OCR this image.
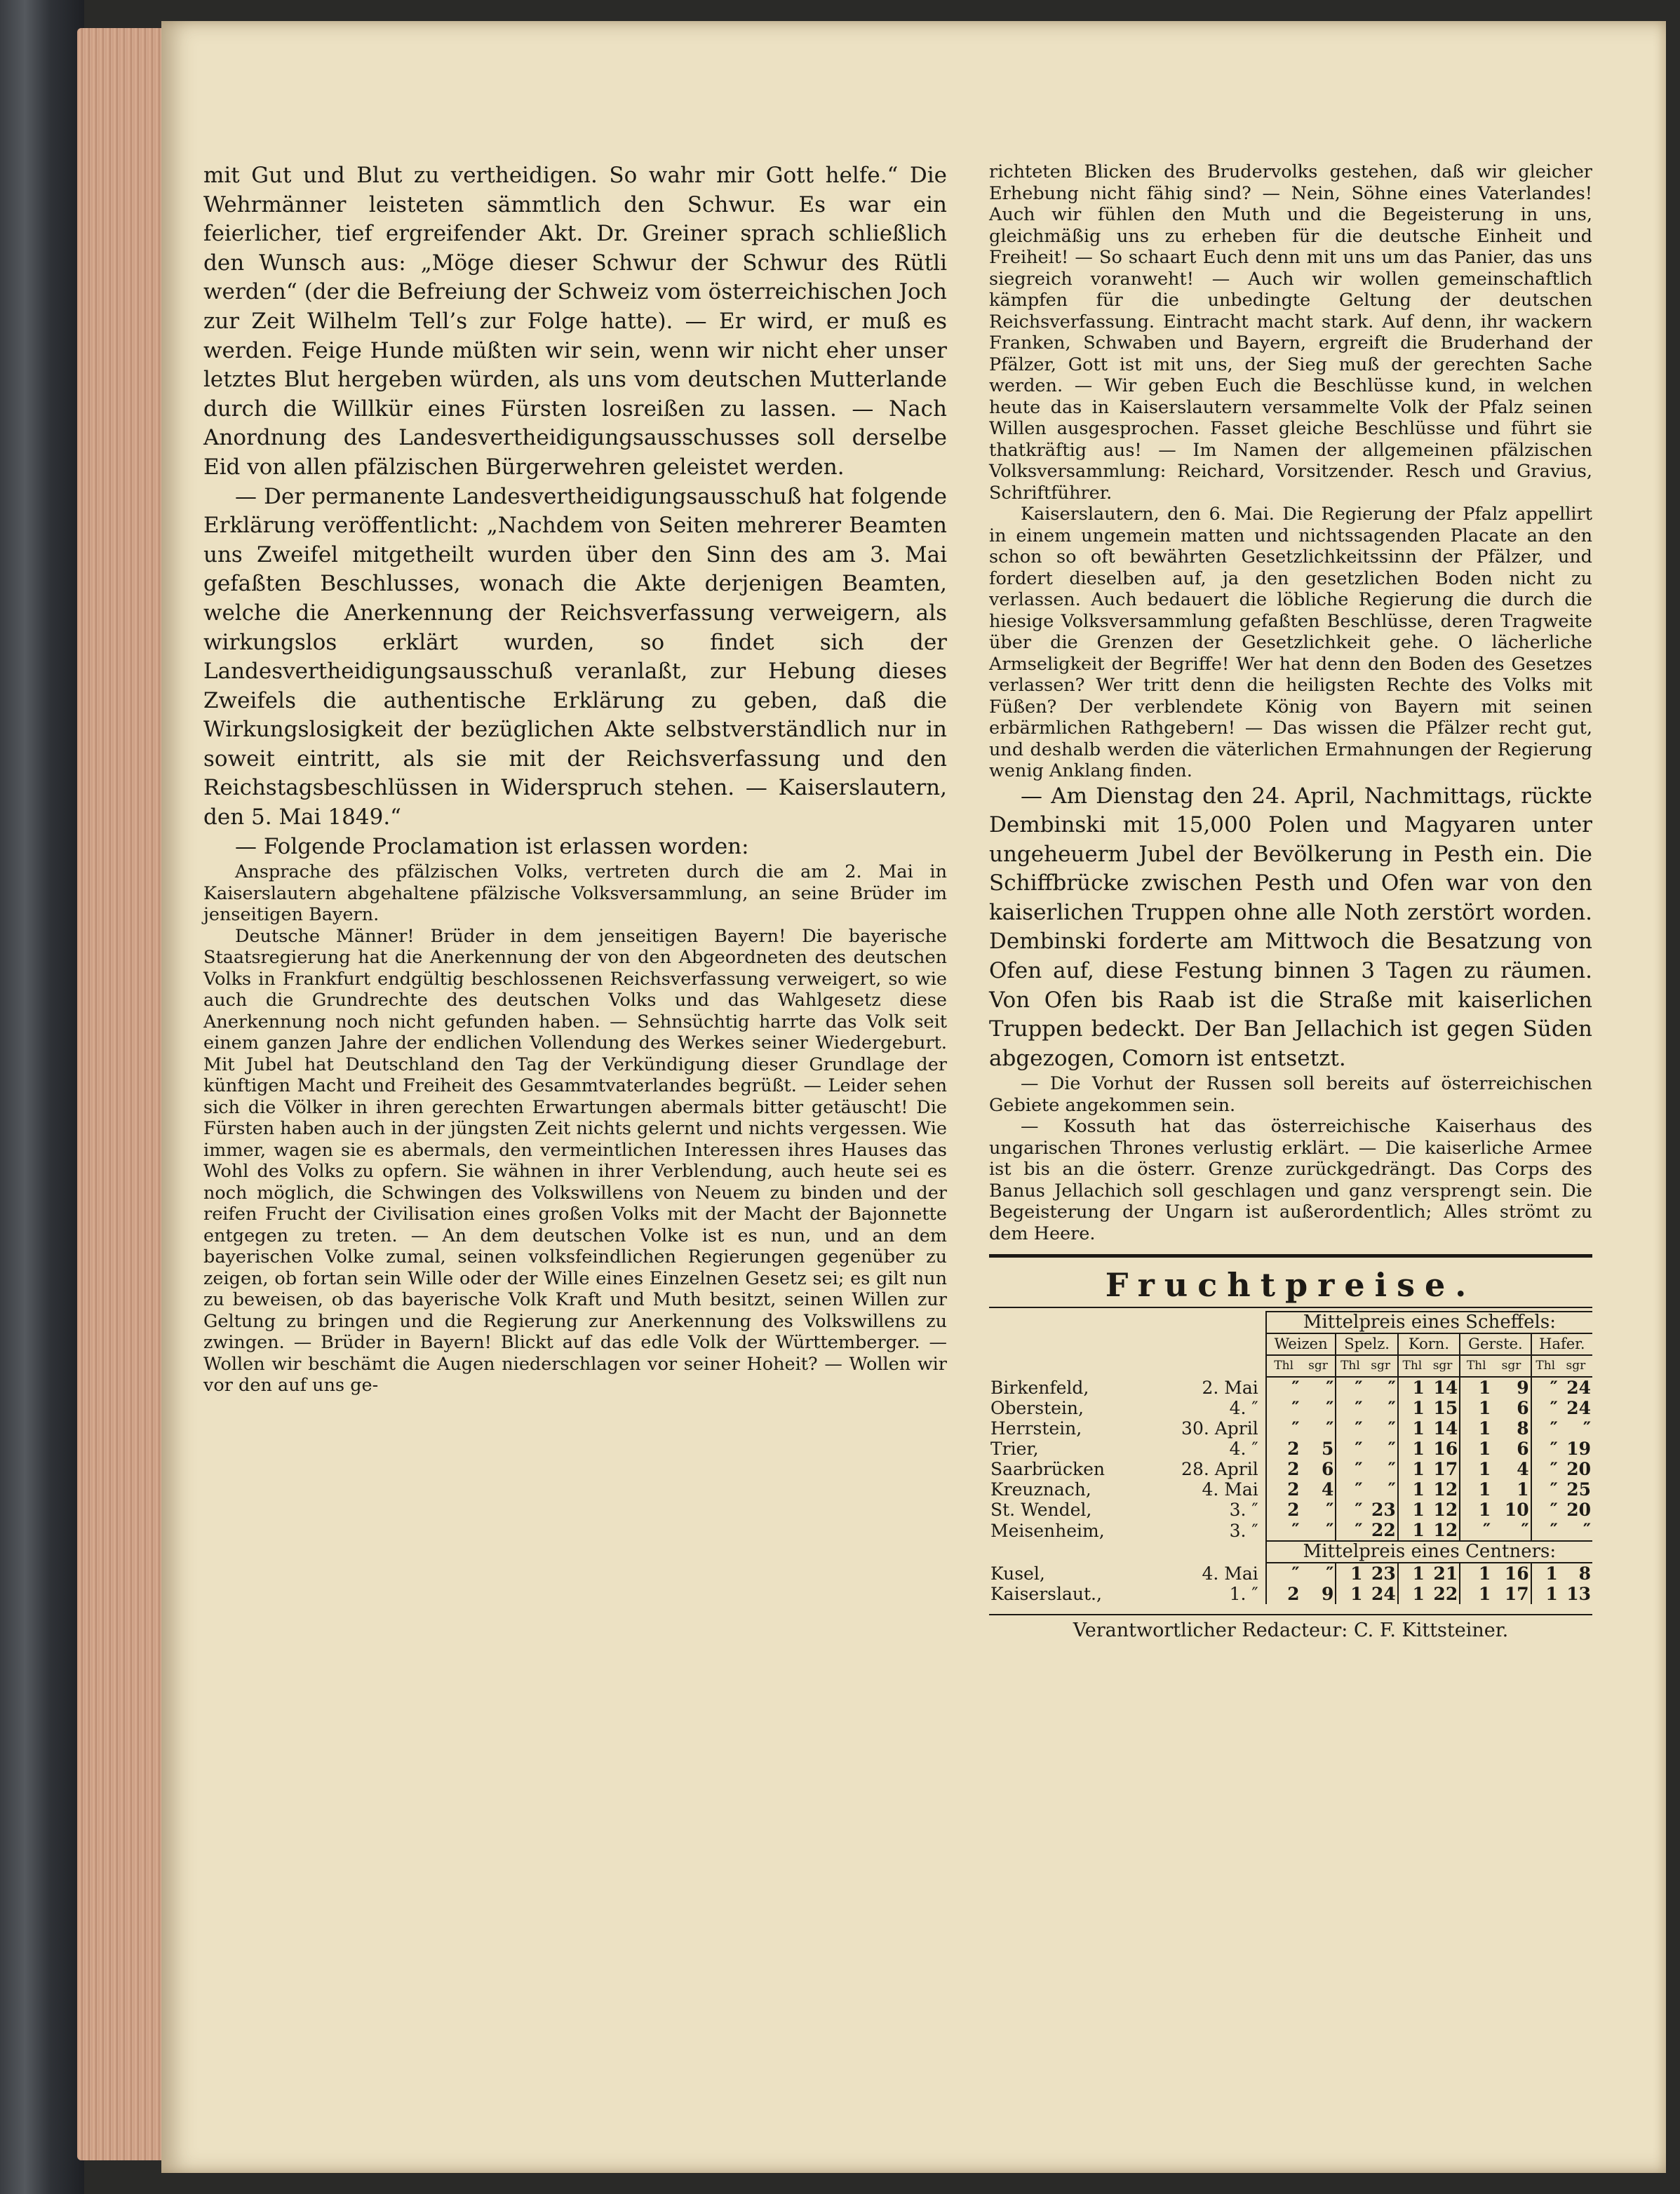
mit Gut und Blut zu vertheidigen. So wahr mir Gott helfe.“ Die Wehrmänner leisteten sämmtlich den Schwur. Es war ein feierlicher, tief ergreifender Akt. Dr. Greiner sprach schließlich den Wunsch aus: „Möge dieser Schwur der Schwur des Rütli werden“ (der die Befreiung der Schweiz vom österreichischen Joch zur Zeit Wilhelm Tell’s zur Folge hatte). — Er wird, er muß es werden. Feige Hunde müßten wir sein, wenn wir nicht eher unser letztes Blut hergeben würden, als uns vom deutschen Mutterlande durch die Willkür eines Fürsten losreißen zu lassen. — Nach Anordnung des Landesvertheidigungsausschusses soll derselbe Eid von allen pfälzischen Bürgerwehren geleistet werden.

— Der permanente Landesvertheidigungsausschuß hat folgende Erklärung veröffentlicht: „Nachdem von Seiten mehrerer Beamten uns Zweifel mitgetheilt wurden über den Sinn des am 3. Mai gefaßten Beschlusses, wonach die Akte derjenigen Beamten, welche die Anerkennung der Reichsverfassung verweigern, als wirkungslos erklärt wurden, so findet sich der Landesvertheidigungsausschuß veranlaßt, zur Hebung dieses Zweifels die authentische Erklärung zu geben, daß die Wirkungslosigkeit der bezüglichen Akte selbstverständlich nur in soweit eintritt, als sie mit der Reichsverfassung und den Reichstagsbeschlüssen in Widerspruch stehen. — Kaiserslautern, den 5. Mai 1849.“

— Folgende Proclamation ist erlassen worden:

Ansprache des pfälzischen Volks, vertreten durch die am 2. Mai in Kaiserslautern abgehaltene pfälzische Volksversammlung, an seine Brüder im jenseitigen Bayern.

Deutsche Männer! Brüder in dem jenseitigen Bayern! Die bayerische Staatsregierung hat die Anerkennung der von den Abgeordneten des deutschen Volks in Frankfurt endgültig beschlossenen Reichsverfassung verweigert, so wie auch die Grundrechte des deutschen Volks und das Wahlgesetz diese Anerkennung noch nicht gefunden haben. — Sehnsüchtig harrte das Volk seit einem ganzen Jahre der endlichen Vollendung des Werkes seiner Wiedergeburt. Mit Jubel hat Deutschland den Tag der Verkündigung dieser Grundlage der künftigen Macht und Freiheit des Gesammtvaterlandes begrüßt. — Leider sehen sich die Völker in ihren gerechten Erwartungen abermals bitter getäuscht! Die Fürsten haben auch in der jüngsten Zeit nichts gelernt und nichts vergessen. Wie immer, wagen sie es abermals, den vermeintlichen Interessen ihres Hauses das Wohl des Volks zu opfern. Sie wähnen in ihrer Verblendung, auch heute sei es noch möglich, die Schwingen des Volkswillens von Neuem zu binden und der reifen Frucht der Civilisation eines großen Volks mit der Macht der Bajonnette entgegen zu treten. — An dem deutschen Volke ist es nun, und an dem bayerischen Volke zumal, seinen volksfeindlichen Regierungen gegenüber zu zeigen, ob fortan sein Wille oder der Wille eines Einzelnen Gesetz sei; es gilt nun zu beweisen, ob das bayerische Volk Kraft und Muth besitzt, seinen Willen zur Geltung zu bringen und die Regierung zur Anerkennung des Volkswillens zu zwingen. — Brüder in Bayern! Blickt auf das edle Volk der Württemberger. — Wollen wir beschämt die Augen niederschlagen vor seiner Hoheit? — Wollen wir vor den auf uns ge-

richteten Blicken des Brudervolks gestehen, daß wir gleicher Erhebung nicht fähig sind? — Nein, Söhne eines Vaterlandes! Auch wir fühlen den Muth und die Begeisterung in uns, gleichmäßig uns zu erheben für die deutsche Einheit und Freiheit! — So schaart Euch denn mit uns um das Panier, das uns siegreich voranweht! — Auch wir wollen gemeinschaftlich kämpfen für die unbedingte Geltung der deutschen Reichsverfassung. Eintracht macht stark. Auf denn, ihr wackern Franken, Schwaben und Bayern, ergreift die Bruderhand der Pfälzer, Gott ist mit uns, der Sieg muß der gerechten Sache werden. — Wir geben Euch die Beschlüsse kund, in welchen heute das in Kaiserslautern versammelte Volk der Pfalz seinen Willen ausgesprochen. Fasset gleiche Beschlüsse und führt sie thatkräftig aus! — Im Namen der allgemeinen pfälzischen Volksversammlung: Reichard, Vorsitzender. Resch und Gravius, Schriftführer.

Kaiserslautern, den 6. Mai. Die Regierung der Pfalz appellirt in einem ungemein matten und nichtssagenden Placate an den schon so oft bewährten Gesetzlichkeitssinn der Pfälzer, und fordert dieselben auf, ja den gesetzlichen Boden nicht zu verlassen. Auch bedauert die löbliche Regierung die durch die hiesige Volksversammlung gefaßten Beschlüsse, deren Tragweite über die Grenzen der Gesetzlichkeit gehe. O lächerliche Armseligkeit der Begriffe! Wer hat denn den Boden des Gesetzes verlassen? Wer tritt denn die heiligsten Rechte des Volks mit Füßen? Der verblendete König von Bayern mit seinen erbärmlichen Rathgebern! — Das wissen die Pfälzer recht gut, und deshalb werden die väterlichen Ermahnungen der Regierung wenig Anklang finden.

— Am Dienstag den 24. April, Nachmittags, rückte Dembinski mit 15,000 Polen und Magyaren unter ungeheuerm Jubel der Bevölkerung in Pesth ein. Die Schiffbrücke zwischen Pesth und Ofen war von den kaiserlichen Truppen ohne alle Noth zerstört worden. Dembinski forderte am Mittwoch die Besatzung von Ofen auf, diese Festung binnen 3 Tagen zu räumen. Von Ofen bis Raab ist die Straße mit kaiserlichen Truppen bedeckt. Der Ban Jellachich ist gegen Süden abgezogen, Comorn ist entsetzt.

— Die Vorhut der Russen soll bereits auf österreichischen Gebiete angekommen sein.

— Kossuth hat das österreichische Kaiserhaus des ungarischen Thrones verlustig erklärt. — Die kaiserliche Armee ist bis an die österr. Grenze zurückgedrängt. Das Corps des Banus Jellachich soll geschlagen und ganz versprengt sein. Die Begeisterung der Ungarn ist außerordentlich; Alles strömt zu dem Heere.

Fruchtpreise.
	Mittelpreis eines Scheffels:									
	Weizen		Spelz.		Korn.		Gerste.		Hafer.	
	Thl	sgr	Thl	sgr	Thl	sgr	Thl	sgr	Thl	sgr
Birkenfeld, 2. Mai	″	″	″	″	1	14	1	9	″	24
Oberstein, 4. ″	″	″	″	″	1	15	1	6	″	24
Herrstein, 30. April	″	″	″	″	1	14	1	8	″	″
Trier, 4. ″	2	5	″	″	1	16	1	6	″	19
Saarbrücken 28. April	2	6	″	″	1	17	1	4	″	20
Kreuznach, 4. Mai	2	4	″	″	1	12	1	1	″	25
St. Wendel, 3. ″	2	″	″	23	1	12	1	10	″	20
Meisenheim, 3. ″	″	″	″	22	1	12	″	″	″	″
	Mittelpreis eines Centners:									
Kusel, 4. Mai	″	″	1	23	1	21	1	16	1	8
Kaiserslaut., 1. ″	2	9	1	24	1	22	1	17	1	13
Verantwortlicher Redacteur: C. F. Kittsteiner.
